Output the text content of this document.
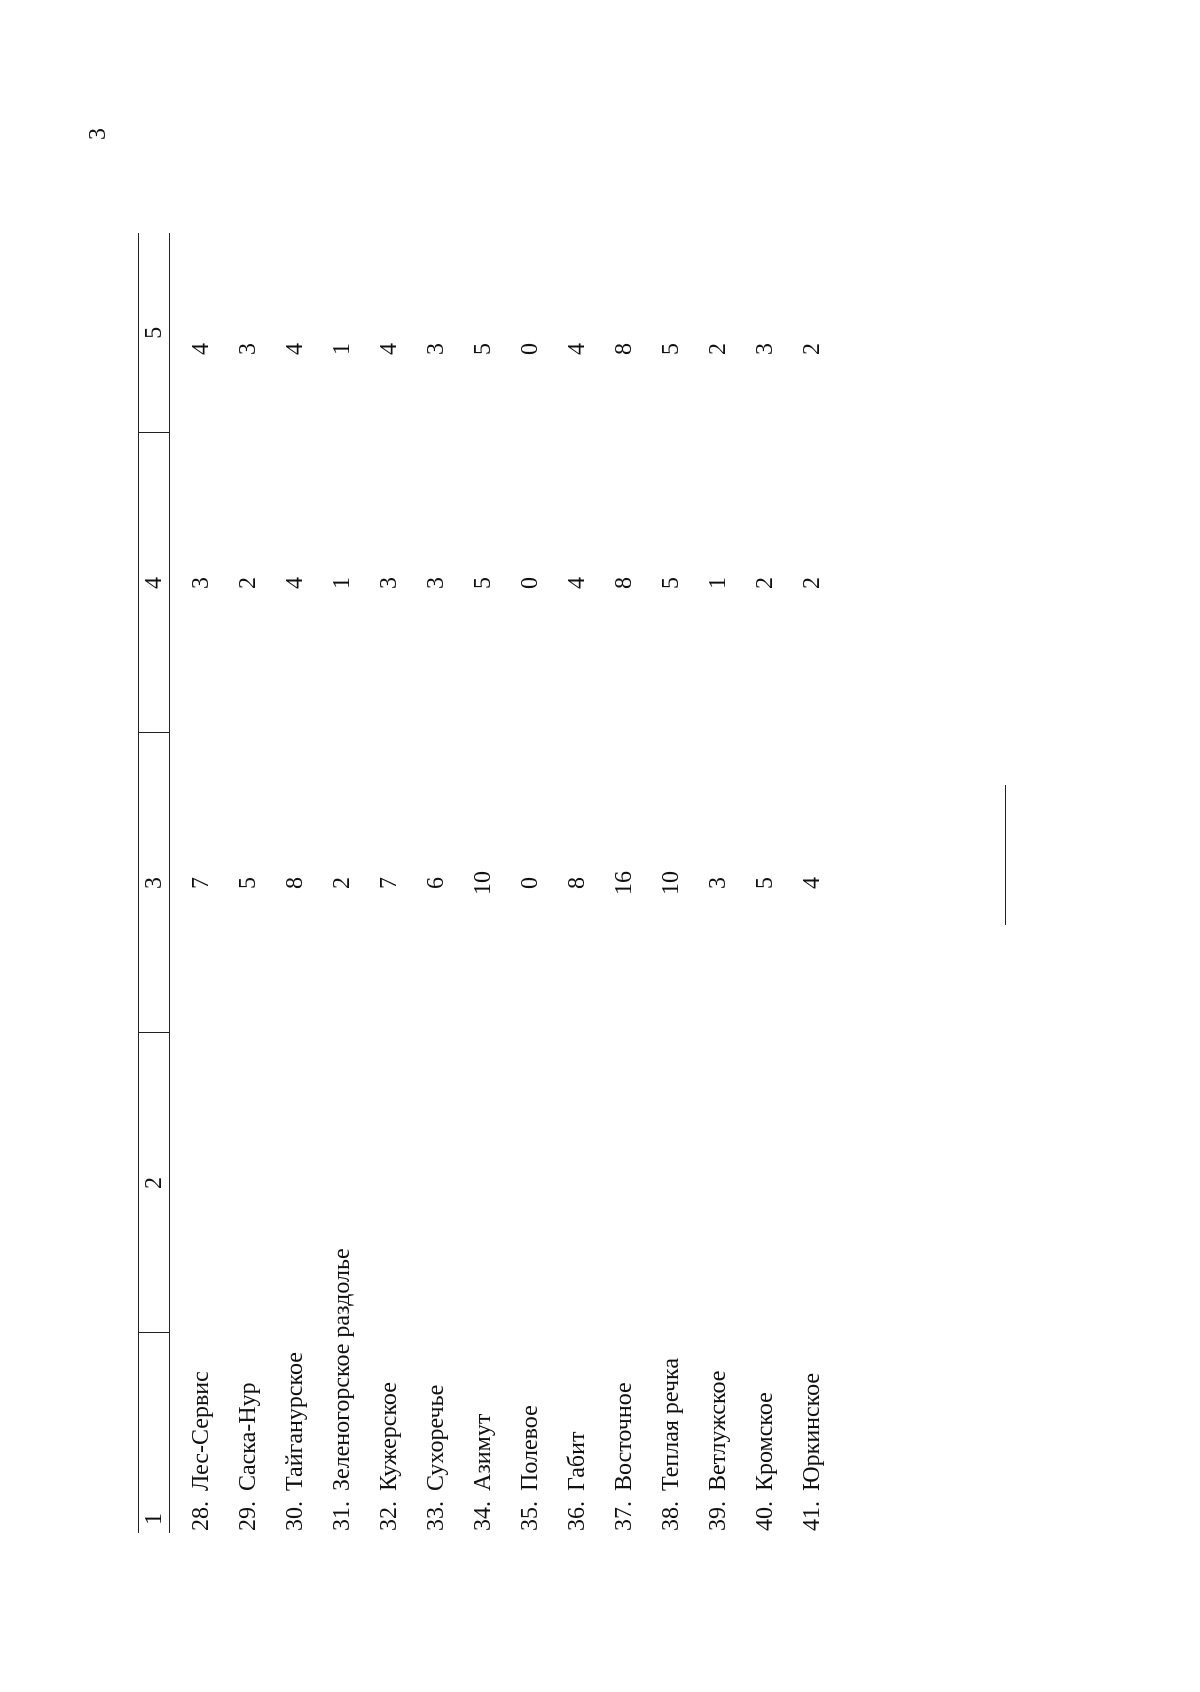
3
1	2	3	4	5
28.Лес-Сервис		7	3	4
29.Саска-Нур		5	2	3
30.Тайганурское		8	4	4
31.Зеленогорское раздолье		2	1	1
32.Кужерское		7	3	4
33.Сухоречье		6	3	3
34.Азимут		10	5	5
35.Полевое		0	0	0
36.Габит		8	4	4
37.Восточное		16	8	8
38.Теплая речка		10	5	5
39.Ветлужское		3	1	2
40.Кромское		5	2	3
41.Юркинское		4	2	2
